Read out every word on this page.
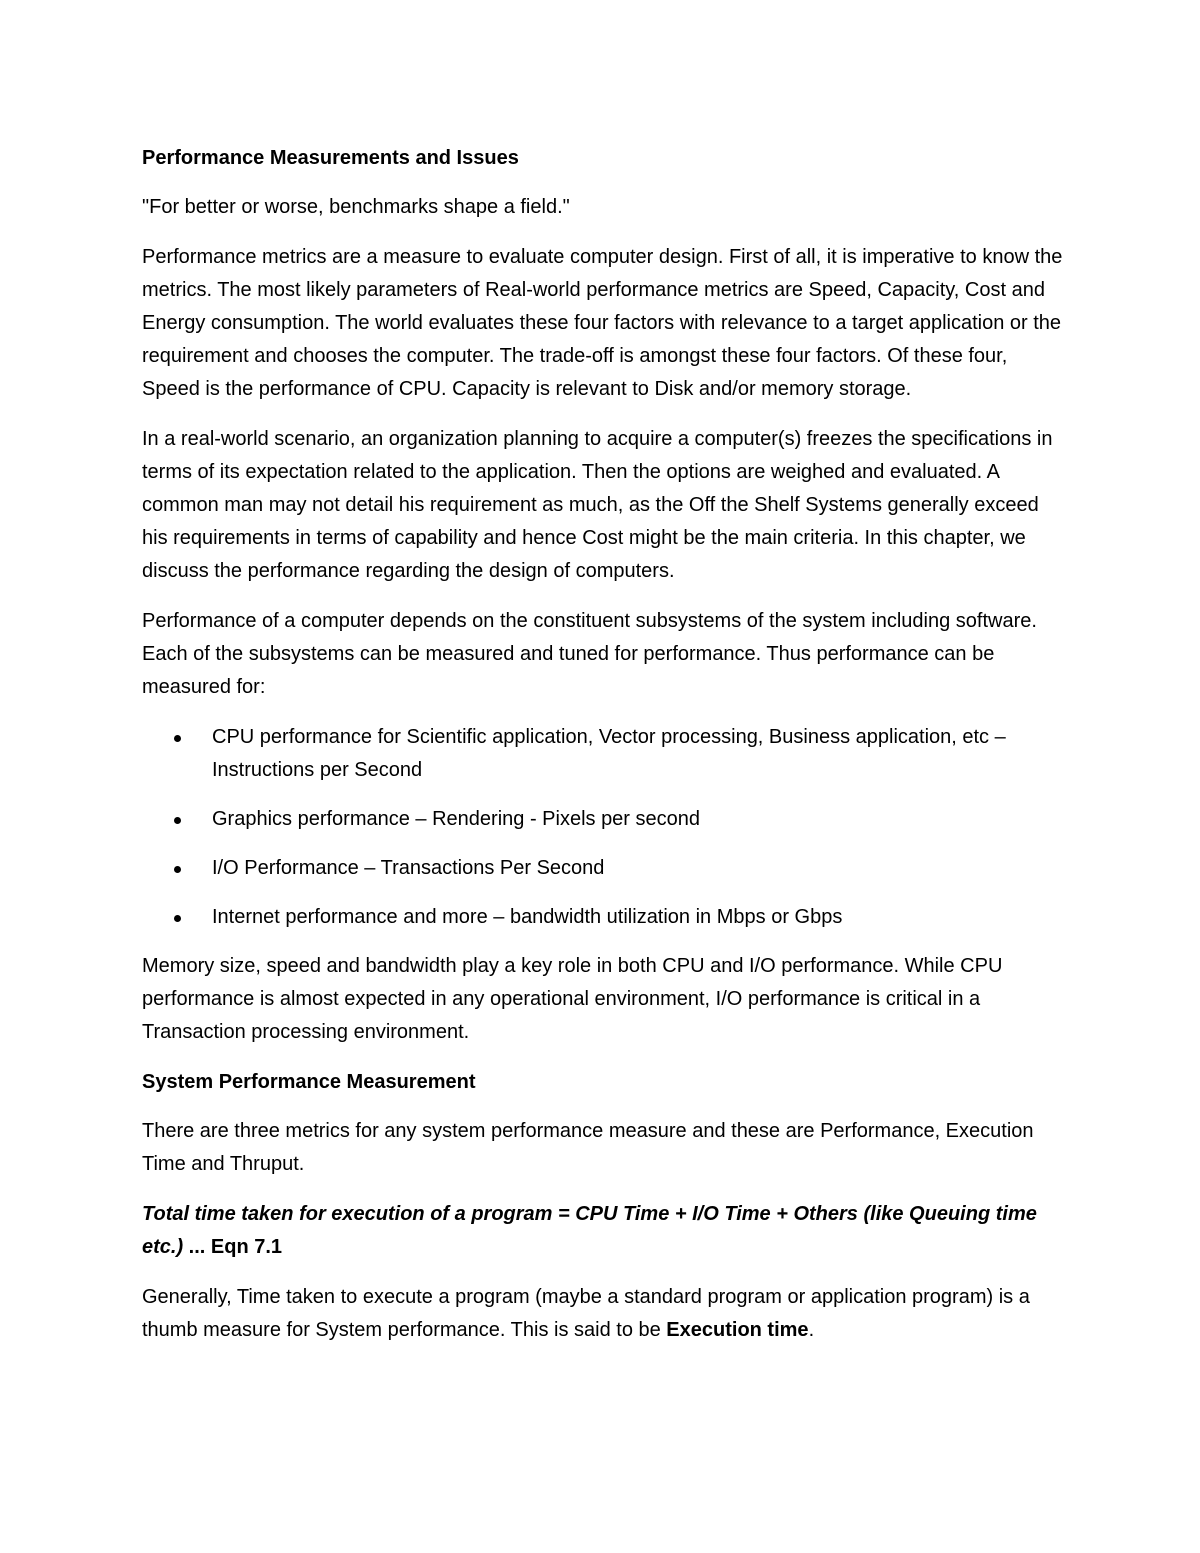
Performance Measurements and Issues

"For better or worse, benchmarks shape a field."

Performance metrics are a measure to evaluate computer design. First of all, it is imperative to know the metrics. The most likely parameters of Real-world performance metrics are Speed, Capacity, Cost and Energy consumption. The world evaluates these four factors with relevance to a target application or the requirement and chooses the computer. The trade-off is amongst these four factors. Of these four, Speed is the performance of CPU. Capacity is relevant to Disk and/or memory storage.

In a real-world scenario, an organization planning to acquire a computer(s) freezes the specifications in terms of its expectation related to the application. Then the options are weighed and evaluated. A common man may not detail his requirement as much, as the Off the Shelf Systems generally exceed his requirements in terms of capability and hence Cost might be the main criteria. In this chapter, we discuss the performance regarding the design of computers.

Performance of a computer depends on the constituent subsystems of the system including software. Each of the subsystems can be measured and tuned for performance. Thus performance can be measured for:

CPU performance for Scientific application, Vector processing, Business application, etc – Instructions per Second
Graphics performance – Rendering - Pixels per second
I/O Performance – Transactions Per Second
Internet performance and more – bandwidth utilization in Mbps or Gbps

Memory size, speed and bandwidth play a key role in both CPU and I/O performance. While CPU performance is almost expected in any operational environment, I/O performance is critical in a Transaction processing environment.

System Performance Measurement

There are three metrics for any system performance measure and these are Performance, Execution Time and Thruput.

Total time taken for execution of a program = CPU Time + I/O Time + Others (like Queuing time etc.) ... Eqn 7.1

Generally, Time taken to execute a program (maybe a standard program or application program) is a thumb measure for System performance. This is said to be Execution time.
